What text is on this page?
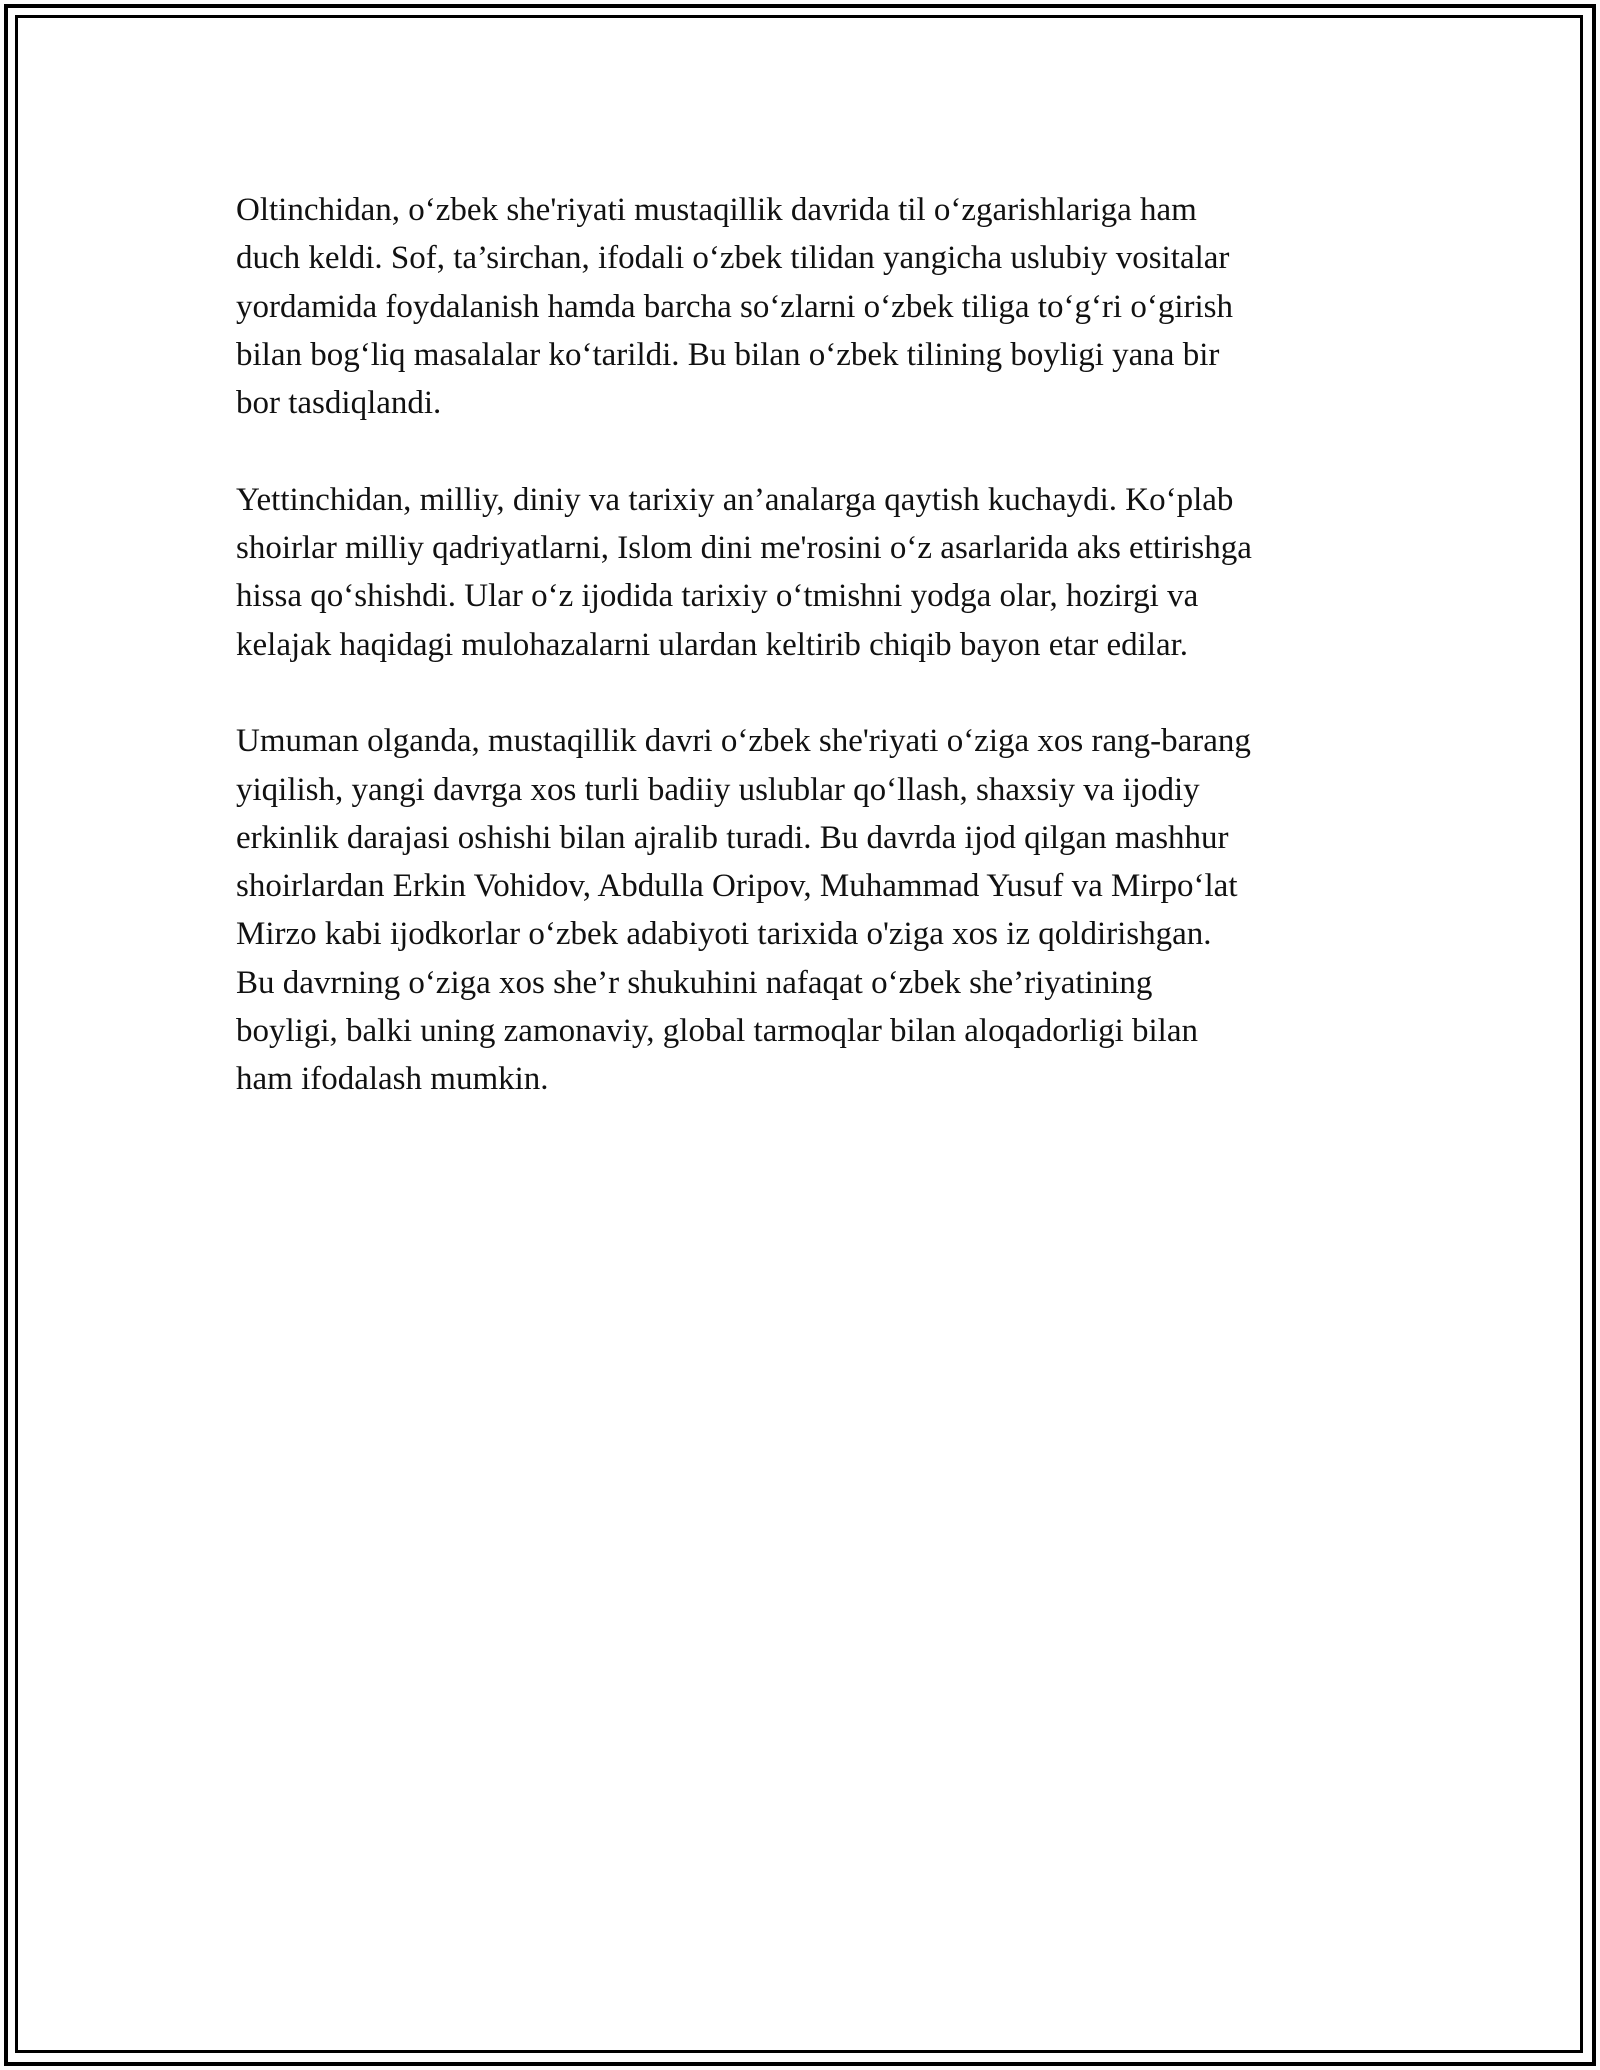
Oltinchidan, o‘zbek she'riyati mustaqillik davrida til o‘zgarishlariga ham
duch keldi. Sof, ta’sirchan, ifodali o‘zbek tilidan yangicha uslubiy vositalar
yordamida foydalanish hamda barcha so‘zlarni o‘zbek tiliga to‘g‘ri o‘girish
bilan bog‘liq masalalar ko‘tarildi. Bu bilan o‘zbek tilining boyligi yana bir
bor tasdiqlandi.

Yettinchidan, milliy, diniy va tarixiy an’analarga qaytish kuchaydi. Ko‘plab
shoirlar milliy qadriyatlarni, Islom dini me'rosini o‘z asarlarida aks ettirishga
hissa qo‘shishdi. Ular o‘z ijodida tarixiy o‘tmishni yodga olar, hozirgi va
kelajak haqidagi mulohazalarni ulardan keltirib chiqib bayon etar edilar.

Umuman olganda, mustaqillik davri o‘zbek she'riyati o‘ziga xos rang-barang
yiqilish, yangi davrga xos turli badiiy uslublar qo‘llash, shaxsiy va ijodiy
erkinlik darajasi oshishi bilan ajralib turadi. Bu davrda ijod qilgan mashhur
shoirlardan Erkin Vohidov, Abdulla Oripov, Muhammad Yusuf va Mirpo‘lat
Mirzo kabi ijodkorlar o‘zbek adabiyoti tarixida o'ziga xos iz qoldirishgan.
Bu davrning o‘ziga xos she’r shukuhini nafaqat o‘zbek she’riyatining
boyligi, balki uning zamonaviy, global tarmoqlar bilan aloqadorligi bilan
ham ifodalash mumkin.
